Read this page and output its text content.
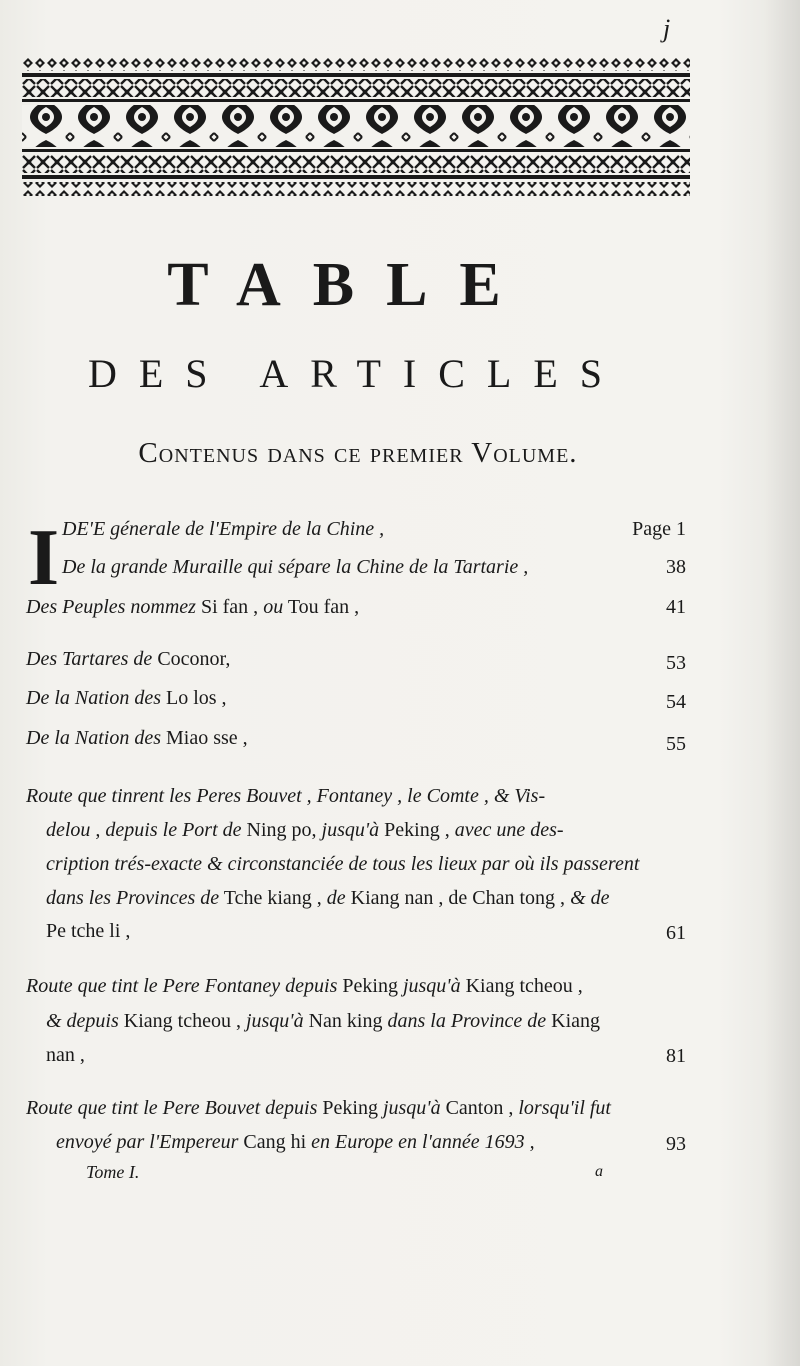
j
TABLE
DES ARTICLES
Contenus dans ce premier Volume.
I DE'E génerale de l'Empire de la Chine ,	Page 1
De la grande Muraille qui sépare la Chine de la Tartarie ,	38
Des Peuples nommez Si fan , ou Tou fan ,	41
Des Tartares de Coconor,	53
De la Nation des Lo los ,	54
De la Nation des Miao sse ,	55
Route que tinrent les Peres Bouvet , Fontaney , le Comte , & Vis-
delou , depuis le Port de Ning po, jusqu'à Peking , avec une des-
cription trés-exacte & circonstanciée de tous les lieux par où ils passerent
dans les Provinces de Tche kiang , de Kiang nan , de Chan tong , & de
Pe tche li ,	61
Route que tint le Pere Fontaney depuis Peking jusqu'à Kiang tcheou ,
& depuis Kiang tcheou , jusqu'à Nan king dans la Province de Kiang
nan ,	81
Route que tint le Pere Bouvet depuis Peking jusqu'à Canton , lorsqu'il fut
envoyé par l'Empereur Cang hi en Europe en l'année 1693 ,	93
Tome I.	a
